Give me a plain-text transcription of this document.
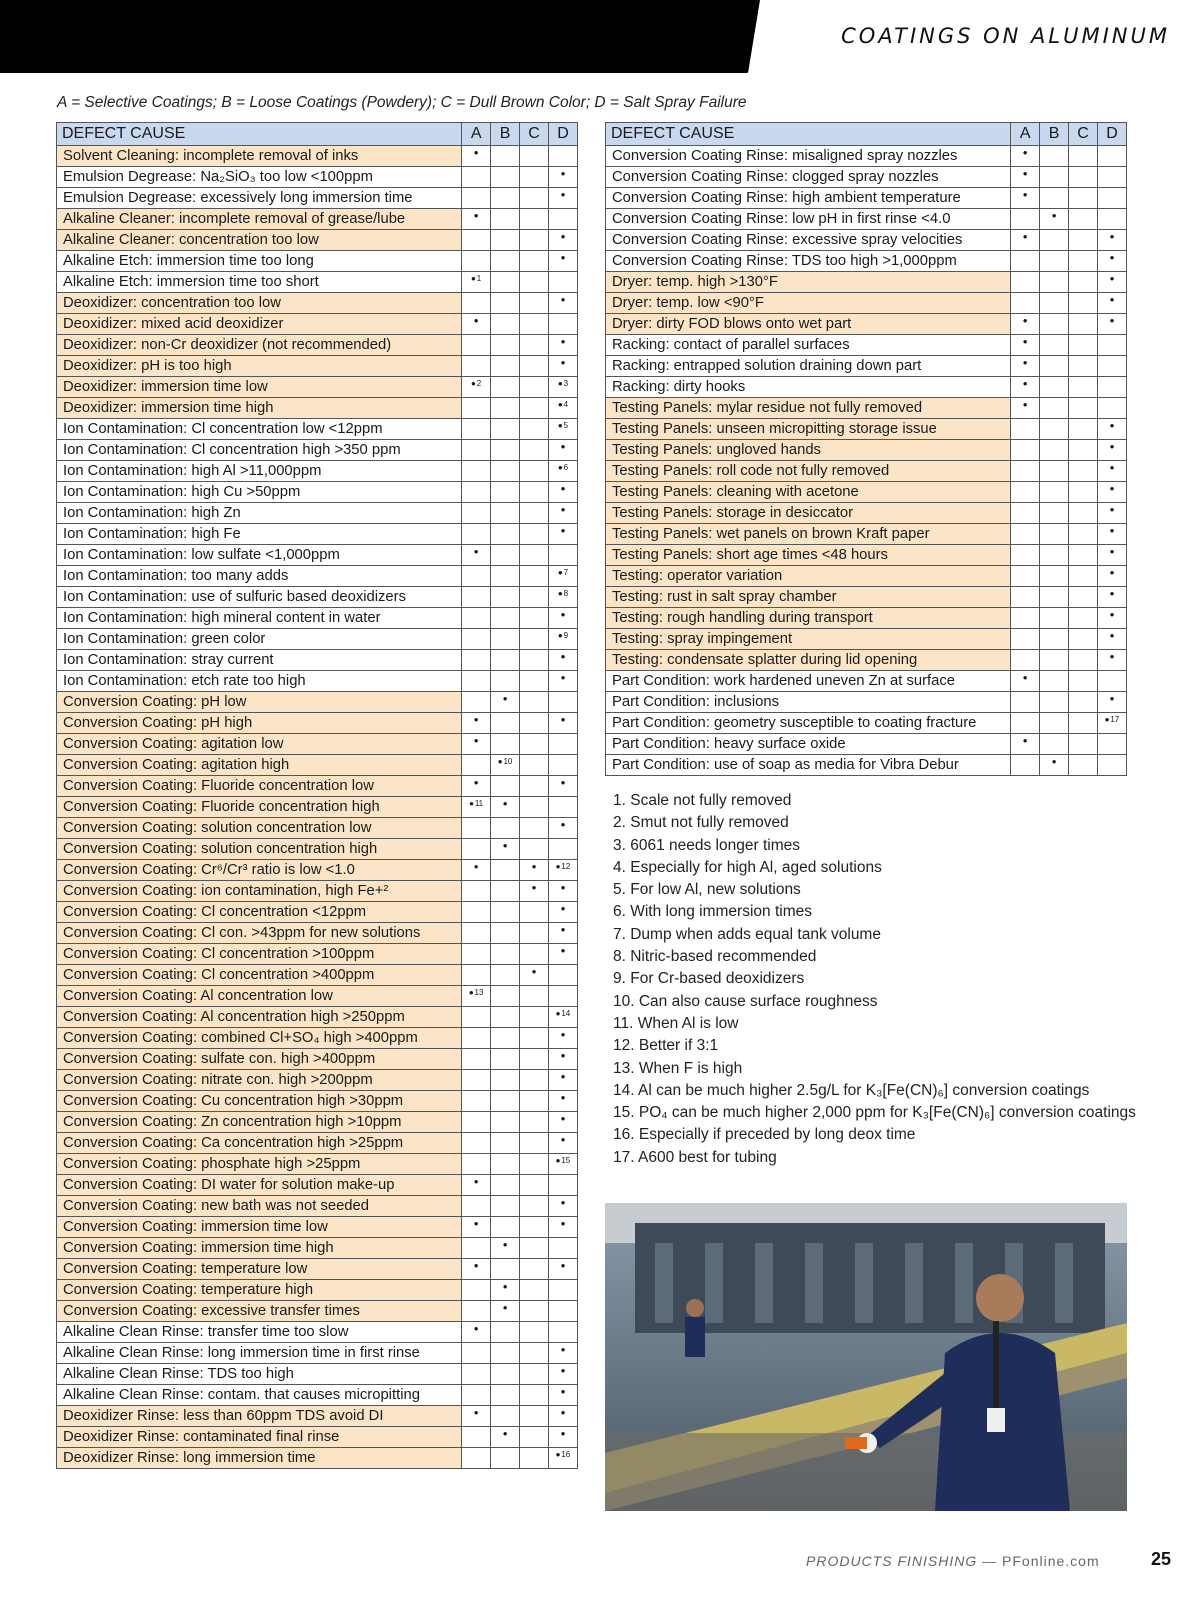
COATINGS ON ALUMINUM
A = Selective Coatings; B = Loose Coatings (Powdery); C = Dull Brown Color; D = Salt Spray Failure
DEFECT CAUSE	A	B	C	D
Solvent Cleaning: incomplete removal of inks	•			
Emulsion Degrease: Na₂SiO₃ too low <100ppm				•
Emulsion Degrease: excessively long immersion time				•
Alkaline Cleaner: incomplete removal of grease/lube	•			
Alkaline Cleaner: concentration too low				•
Alkaline Etch: immersion time too long				•
Alkaline Etch: immersion time too short	•$^1$			
Deoxidizer: concentration too low				•
Deoxidizer: mixed acid deoxidizer	•			
Deoxidizer: non-Cr deoxidizer (not recommended)				•
Deoxidizer: pH is too high				•
Deoxidizer: immersion time low	•$^2$			•$^3$
Deoxidizer: immersion time high				•$^4$
Ion Contamination: Cl concentration low <12ppm				•$^5$
Ion Contamination: Cl concentration high >350 ppm				•
Ion Contamination: high Al >11,000ppm				•$^6$
Ion Contamination: high Cu >50ppm				•
Ion Contamination: high Zn				•
Ion Contamination: high Fe				•
Ion Contamination: low sulfate <1,000ppm	•			
Ion Contamination: too many adds				•$^7$
Ion Contamination: use of sulfuric based deoxidizers				•$^8$
Ion Contamination: high mineral content in water				•
Ion Contamination: green color				•$^9$
Ion Contamination: stray current				•
Ion Contamination: etch rate too high				•
Conversion Coating: pH low		•		
Conversion Coating: pH high	•			•
Conversion Coating: agitation low	•			
Conversion Coating: agitation high		•$^{10}$		
Conversion Coating: Fluoride concentration low	•			•
Conversion Coating: Fluoride concentration high	•$^{11}$	•		
Conversion Coating: solution concentration low				•
Conversion Coating: solution concentration high		•		
Conversion Coating: Cr⁶/Cr³ ratio is low <1.0	•		•	•$^{12}$
Conversion Coating: ion contamination, high Fe+²			•	•
Conversion Coating: Cl concentration <12ppm				•
Conversion Coating: Cl con. >43ppm for new solutions				•
Conversion Coating: Cl concentration >100ppm				•
Conversion Coating: Cl concentration >400ppm			•	
Conversion Coating: Al concentration low	•$^{13}$			
Conversion Coating: Al concentration high >250ppm				•$^{14}$
Conversion Coating: combined Cl+SO₄ high >400ppm				•
Conversion Coating: sulfate con. high >400ppm				•
Conversion Coating: nitrate con. high >200ppm				•
Conversion Coating: Cu concentration high >30ppm				•
Conversion Coating: Zn concentration high >10ppm				•
Conversion Coating: Ca concentration high >25ppm				•
Conversion Coating: phosphate high >25ppm				•$^{15}$
Conversion Coating: DI water for solution make-up	•			
Conversion Coating: new bath was not seeded				•
Conversion Coating: immersion time low	•			•
Conversion Coating: immersion time high		•		
Conversion Coating: temperature low	•			•
Conversion Coating: temperature high		•		
Conversion Coating: excessive transfer times		•		
Alkaline Clean Rinse: transfer time too slow	•			
Alkaline Clean Rinse: long immersion time in first rinse				•
Alkaline Clean Rinse: TDS too high				•
Alkaline Clean Rinse: contam. that causes micropitting				•
Deoxidizer Rinse: less than 60ppm TDS avoid DI	•			•
Deoxidizer Rinse: contaminated final rinse		•		•
Deoxidizer Rinse: long immersion time				•$^{16}$
DEFECT CAUSE	A	B	C	D
Conversion Coating Rinse: misaligned spray nozzles	•			
Conversion Coating Rinse: clogged spray nozzles	•			
Conversion Coating Rinse: high ambient temperature	•			
Conversion Coating Rinse: low pH in first rinse <4.0		•		
Conversion Coating Rinse: excessive spray velocities	•			•
Conversion Coating Rinse: TDS too high >1,000ppm				•
Dryer: temp. high >130°F				•
Dryer: temp. low <90°F				•
Dryer: dirty FOD blows onto wet part	•			•
Racking: contact of parallel surfaces	•			
Racking: entrapped solution draining down part	•			
Racking: dirty hooks	•			
Testing Panels: mylar residue not fully removed	•			
Testing Panels: unseen micropitting storage issue				•
Testing Panels: ungloved hands				•
Testing Panels: roll code not fully removed				•
Testing Panels: cleaning with acetone				•
Testing Panels: storage in desiccator				•
Testing Panels: wet panels on brown Kraft paper				•
Testing Panels: short age times <48 hours				•
Testing: operator variation				•
Testing: rust in salt spray chamber				•
Testing: rough handling during transport				•
Testing: spray impingement				•
Testing: condensate splatter during lid opening				•
Part Condition: work hardened uneven Zn at surface	•			
Part Condition: inclusions				•
Part Condition: geometry susceptible to coating fracture				•$^{17}$
Part Condition: heavy surface oxide	•			
Part Condition: use of soap as media for Vibra Debur		•		
1. Scale not fully removed
2. Smut not fully removed
3. 6061 needs longer times
4. Especially for high Al, aged solutions
5. For low Al, new solutions
6. With long immersion times
7. Dump when adds equal tank volume
8. Nitric-based recommended
9. For Cr-based deoxidizers
10. Can also cause surface roughness
11. When Al is low
12. Better if 3:1
13. When F is high
14. Al can be much higher 2.5g/L for K₃[Fe(CN)₆] conversion coatings
15. PO₄ can be much higher 2,000 ppm for K₃[Fe(CN)₆] conversion coatings
16. Especially if preceded by long deox time
17. A600 best for tubing
PRODUCTS FINISHING — PFonline.com	25
